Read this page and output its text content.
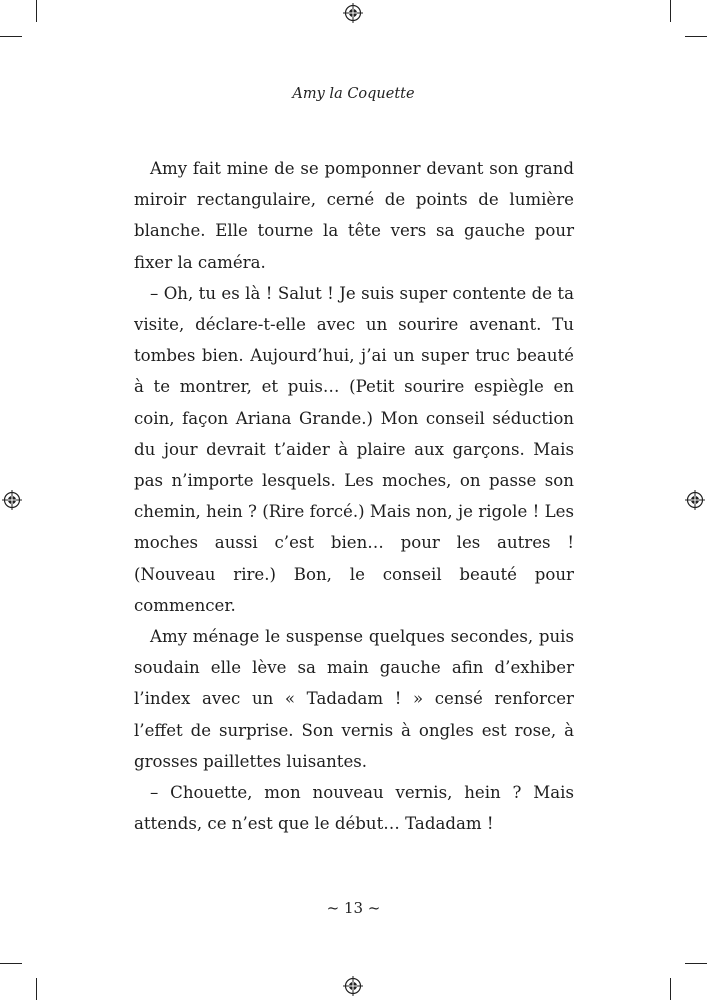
Amy la Coquette

Amy fait mine de se pomponner devant son grand miroir rectangulaire, cerné de points de lumière blanche. Elle tourne la tête vers sa gauche pour fixer la caméra.

– Oh, tu es là ! Salut ! Je suis super contente de ta visite, déclare-t-elle avec un sourire avenant. Tu tombes bien. Aujourd’hui, j’ai un super truc beauté à te montrer, et puis… (Petit sourire espiègle en coin, façon Ariana Grande.) Mon conseil séduction du jour devrait t’aider à plaire aux garçons. Mais pas n’importe lesquels. Les moches, on passe son chemin, hein ? (Rire forcé.) Mais non, je rigole ! Les moches aussi c’est bien… pour les autres ! (Nouveau rire.) Bon, le conseil beauté pour commencer.

Amy ménage le suspense quelques secondes, puis soudain elle lève sa main gauche afin d’exhiber l’index avec un « Tadadam ! » censé renforcer l’effet de surprise. Son vernis à ongles est rose, à grosses paillettes luisantes.

– Chouette, mon nouveau vernis, hein ? Mais attends, ce n’est que le début… Tadadam !

~ 13 ~
